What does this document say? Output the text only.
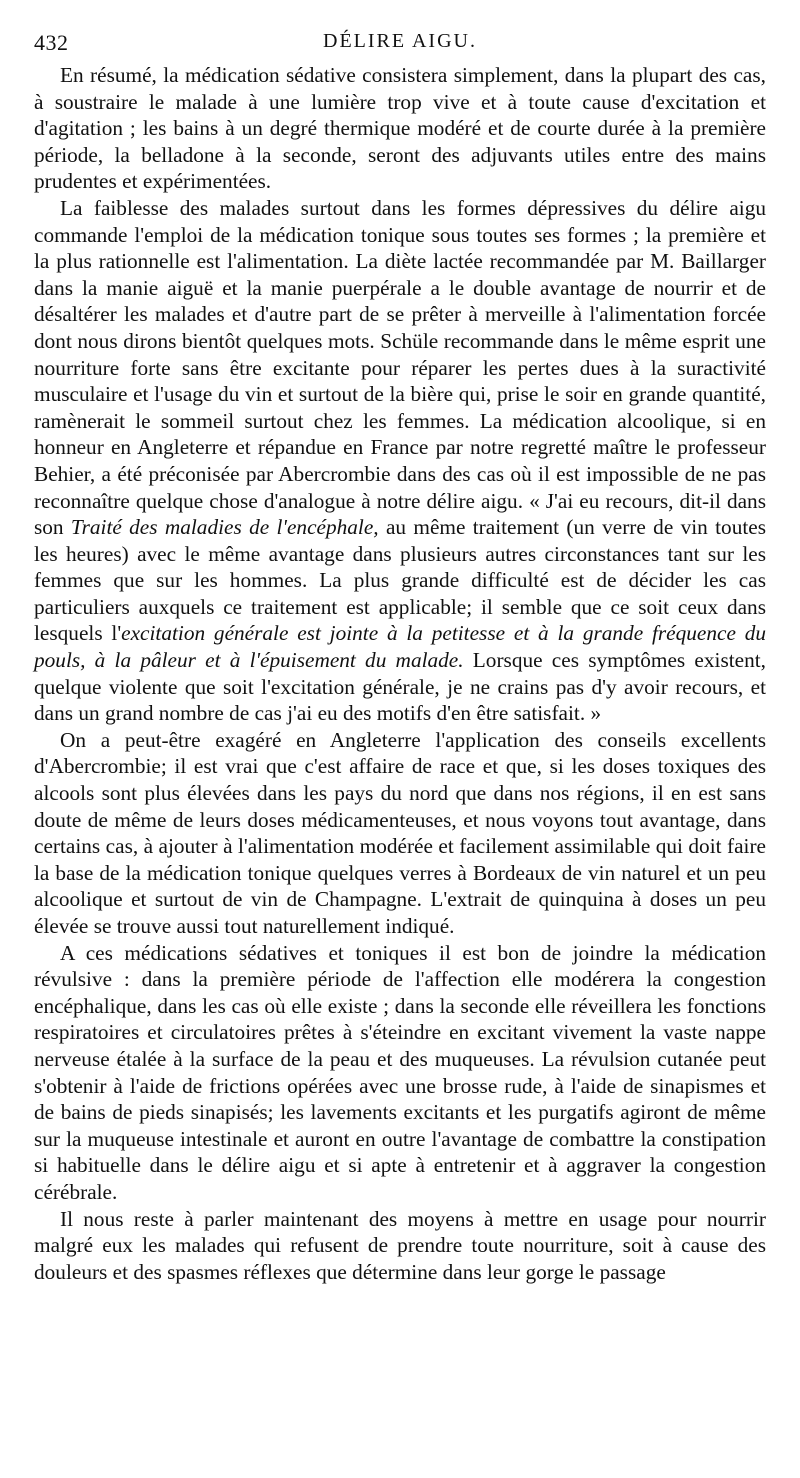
432	DÉLIRE AIGU.

En résumé, la médication sédative consistera simplement, dans la plupart des cas, à soustraire le malade à une lumière trop vive et à toute cause d'excitation et d'agitation ; les bains à un degré thermique modéré et de courte durée à la première période, la belladone à la seconde, seront des adjuvants utiles entre des mains prudentes et expérimentées.

La faiblesse des malades surtout dans les formes dépressives du délire aigu commande l'emploi de la médication tonique sous toutes ses formes ; la première et la plus rationnelle est l'alimentation. La diète lactée recommandée par M. Baillarger dans la manie aiguë et la manie puerpérale a le double avantage de nourrir et de désaltérer les malades et d'autre part de se prêter à merveille à l'alimentation forcée dont nous dirons bientôt quelques mots. Schüle recommande dans le même esprit une nourriture forte sans être excitante pour réparer les pertes dues à la suractivité musculaire et l'usage du vin et surtout de la bière qui, prise le soir en grande quantité, ramènerait le sommeil surtout chez les femmes. La médication alcoolique, si en honneur en Angleterre et répandue en France par notre regretté maître le professeur Behier, a été préconisée par Abercrombie dans des cas où il est impossible de ne pas reconnaître quelque chose d'analogue à notre délire aigu. « J'ai eu recours, dit-il dans son Traité des maladies de l'encéphale, au même traitement (un verre de vin toutes les heures) avec le même avantage dans plusieurs autres circonstances tant sur les femmes que sur les hommes. La plus grande difficulté est de décider les cas particuliers auxquels ce traitement est applicable; il semble que ce soit ceux dans lesquels l'excitation générale est jointe à la petitesse et à la grande fréquence du pouls, à la pâleur et à l'épuisement du malade. Lorsque ces symptômes existent, quelque violente que soit l'excitation générale, je ne crains pas d'y avoir recours, et dans un grand nombre de cas j'ai eu des motifs d'en être satisfait. »

On a peut-être exagéré en Angleterre l'application des conseils excellents d'Abercrombie; il est vrai que c'est affaire de race et que, si les doses toxiques des alcools sont plus élevées dans les pays du nord que dans nos régions, il en est sans doute de même de leurs doses médicamenteuses, et nous voyons tout avantage, dans certains cas, à ajouter à l'alimentation modérée et facilement assimilable qui doit faire la base de la médication tonique quelques verres à Bordeaux de vin naturel et un peu alcoolique et surtout de vin de Champagne. L'extrait de quinquina à doses un peu élevée se trouve aussi tout naturellement indiqué.

A ces médications sédatives et toniques il est bon de joindre la médication révulsive : dans la première période de l'affection elle modérera la congestion encéphalique, dans les cas où elle existe ; dans la seconde elle réveillera les fonctions respiratoires et circulatoires prêtes à s'éteindre en excitant vivement la vaste nappe nerveuse étalée à la surface de la peau et des muqueuses. La révulsion cutanée peut s'obtenir à l'aide de frictions opérées avec une brosse rude, à l'aide de sinapismes et de bains de pieds sinapisés; les lavements excitants et les purgatifs agiront de même sur la muqueuse intestinale et auront en outre l'avantage de combattre la constipation si habituelle dans le délire aigu et si apte à entretenir et à aggraver la congestion cérébrale.

Il nous reste à parler maintenant des moyens à mettre en usage pour nourrir malgré eux les malades qui refusent de prendre toute nourriture, soit à cause des douleurs et des spasmes réflexes que détermine dans leur gorge le passage
